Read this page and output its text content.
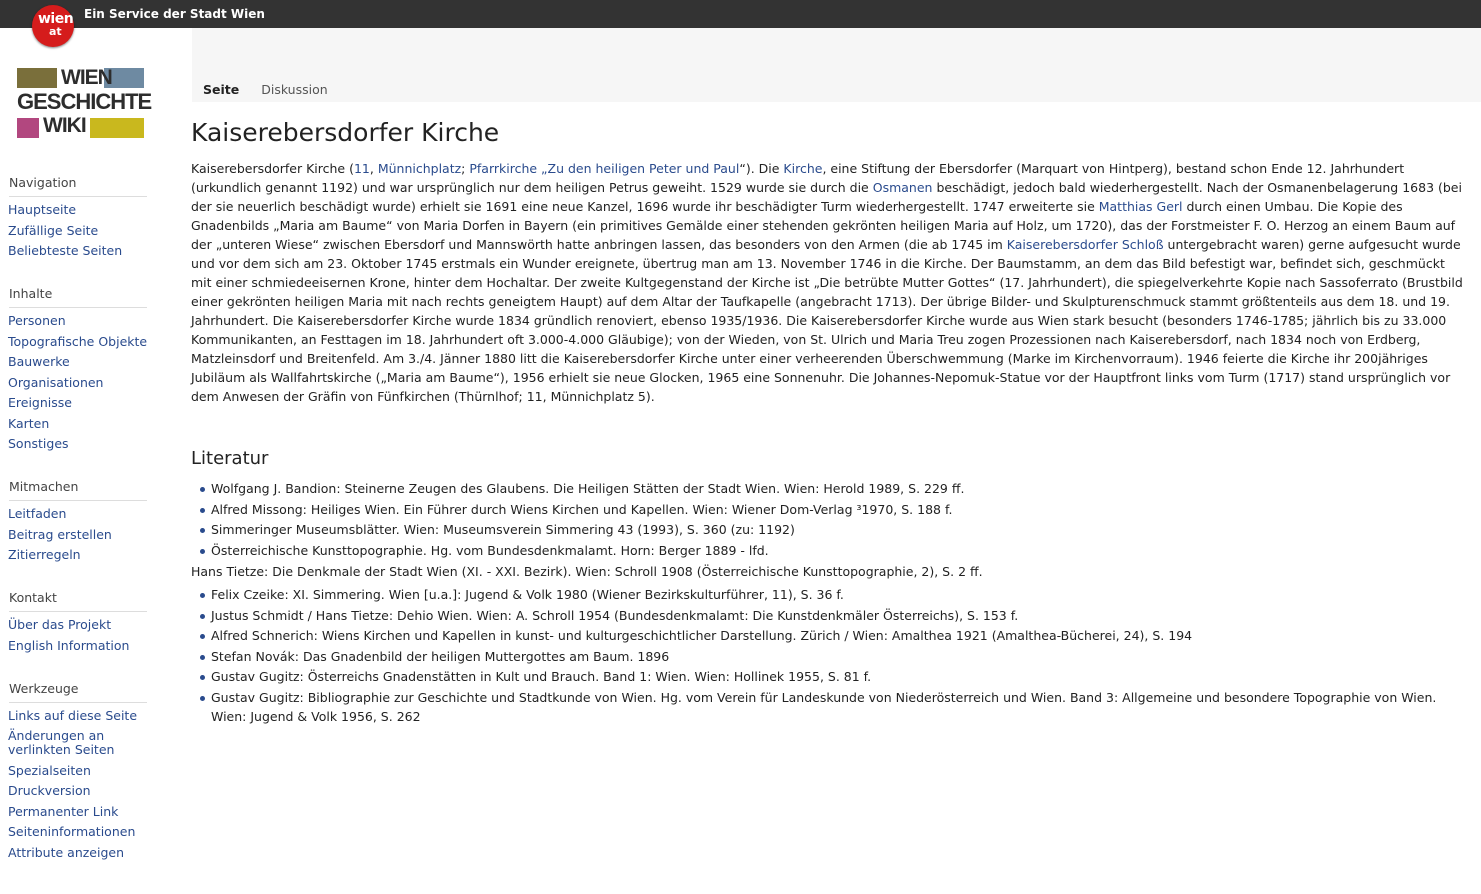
Ein Service der Stadt Wien
wien
at
WIEN
GESCHICHTE
WIKI
Navigation
Hauptseite
Zufällige Seite
Beliebteste Seiten
Inhalte
Personen
Topografische Objekte
Bauwerke
Organisationen
Ereignisse
Karten
Sonstiges
Mitmachen
Leitfaden
Beitrag erstellen
Zitierregeln
Kontakt
Über das Projekt
English Information
Werkzeuge
Links auf diese Seite
Änderungen an verlinkten Seiten
Spezialseiten
Druckversion
Permanenter Link
Seiteninformationen
Attribute anzeigen
Seite	Diskussion
Kaiserebersdorfer Kirche
Kaiserebersdorfer Kirche (11, Münnichplatz; Pfarrkirche „Zu den heiligen Peter und Paul“). Die Kirche, eine Stiftung der Ebersdorfer (Marquart von Hintperg), bestand schon Ende 12. Jahrhundert (urkundlich genannt 1192) und war ursprünglich nur dem heiligen Petrus geweiht. 1529 wurde sie durch die Osmanen beschädigt, jedoch bald wiederhergestellt. Nach der Osmanenbelagerung 1683 (bei der sie neuerlich beschädigt wurde) erhielt sie 1691 eine neue Kanzel, 1696 wurde ihr beschädigter Turm wiederhergestellt. 1747 erweiterte sie Matthias Gerl durch einen Umbau. Die Kopie des Gnadenbilds „Maria am Baume“ von Maria Dorfen in Bayern (ein primitives Gemälde einer stehenden gekrönten heiligen Maria auf Holz, um 1720), das der Forstmeister F. O. Herzog an einem Baum auf der „unteren Wiese“ zwischen Ebersdorf und Mannswörth hatte anbringen lassen, das besonders von den Armen (die ab 1745 im Kaiserebersdorfer Schloß untergebracht waren) gerne aufgesucht wurde und vor dem sich am 23. Oktober 1745 erstmals ein Wunder ereignete, übertrug man am 13. November 1746 in die Kirche. Der Baumstamm, an dem das Bild befestigt war, befindet sich, geschmückt mit einer schmiedeeisernen Krone, hinter dem Hochaltar. Der zweite Kultgegenstand der Kirche ist „Die betrübte Mutter Gottes“ (17. Jahrhundert), die spiegelverkehrte Kopie nach Sassoferrato (Brustbild einer gekrönten heiligen Maria mit nach rechts geneigtem Haupt) auf dem Altar der Taufkapelle (angebracht 1713). Der übrige Bilder- und Skulpturenschmuck stammt größtenteils aus dem 18. und 19. Jahrhundert. Die Kaiserebersdorfer Kirche wurde 1834 gründlich renoviert, ebenso 1935/1936. Die Kaiserebersdorfer Kirche wurde aus Wien stark besucht (besonders 1746-1785; jährlich bis zu 33.000 Kommunikanten, an Festtagen im 18. Jahrhundert oft 3.000-4.000 Gläubige); von der Wieden, von St. Ulrich und Maria Treu zogen Prozessionen nach Kaiserebersdorf, nach 1834 noch von Erdberg, Matzleinsdorf und Breitenfeld. Am 3./4. Jänner 1880 litt die Kaiserebersdorfer Kirche unter einer verheerenden Überschwemmung (Marke im Kirchenvorraum). 1946 feierte die Kirche ihr 200jähriges Jubiläum als Wallfahrtskirche („Maria am Baume“), 1956 erhielt sie neue Glocken, 1965 eine Sonnenuhr. Die Johannes-Nepomuk-Statue vor der Hauptfront links vom Turm (1717) stand ursprünglich vor dem Anwesen der Gräfin von Fünfkirchen (Thürnlhof; 11, Münnichplatz 5).
Literatur
Wolfgang J. Bandion: Steinerne Zeugen des Glaubens. Die Heiligen Stätten der Stadt Wien. Wien: Herold 1989, S. 229 ff.
Alfred Missong: Heiliges Wien. Ein Führer durch Wiens Kirchen und Kapellen. Wien: Wiener Dom-Verlag ³1970, S. 188 f.
Simmeringer Museumsblätter. Wien: Museumsverein Simmering 43 (1993), S. 360 (zu: 1192)
Österreichische Kunsttopographie. Hg. vom Bundesdenkmalamt. Horn: Berger 1889 - lfd.
Hans Tietze: Die Denkmale der Stadt Wien (XI. - XXI. Bezirk). Wien: Schroll 1908 (Österreichische Kunsttopographie, 2), S. 2 ff.
Felix Czeike: XI. Simmering. Wien [u.a.]: Jugend & Volk 1980 (Wiener Bezirkskulturführer, 11), S. 36 f.
Justus Schmidt / Hans Tietze: Dehio Wien. Wien: A. Schroll 1954 (Bundesdenkmalamt: Die Kunstdenkmäler Österreichs), S. 153 f.
Alfred Schnerich: Wiens Kirchen und Kapellen in kunst- und kulturgeschichtlicher Darstellung. Zürich / Wien: Amalthea 1921 (Amalthea-Bücherei, 24), S. 194
Stefan Novák: Das Gnadenbild der heiligen Muttergottes am Baum. 1896
Gustav Gugitz: Österreichs Gnadenstätten in Kult und Brauch. Band 1: Wien. Wien: Hollinek 1955, S. 81 f.
Gustav Gugitz: Bibliographie zur Geschichte und Stadtkunde von Wien. Hg. vom Verein für Landeskunde von Niederösterreich und Wien. Band 3: Allgemeine und besondere Topographie von Wien. Wien: Jugend & Volk 1956, S. 262
